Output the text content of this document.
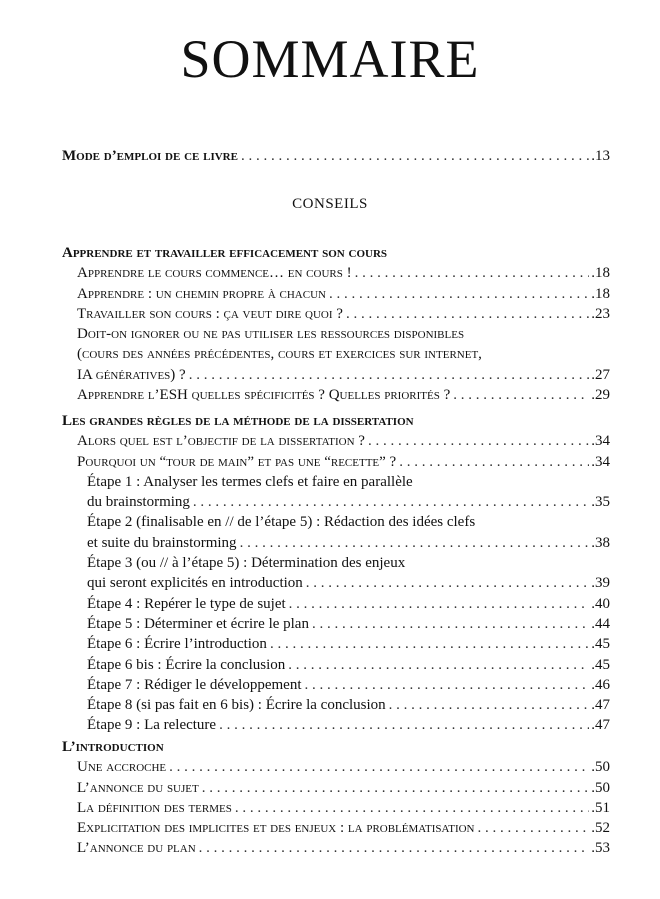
SOMMAIRE
Mode d’emploi de ce livre . . .	.13
CONSEILS
Apprendre et travailler efficacement son cours
Apprendre le cours commence… en cours ! . . .	.18
Apprendre : un chemin propre à chacun . . .	.18
Travailler son cours : ça veut dire quoi ? . . .	.23
Doit-on ignorer ou ne pas utiliser les ressources disponibles
(cours des années précédentes, cours et exercices sur internet,
IA génératives) ? . . .	.27
Apprendre l’ESH quelles spécificités ? Quelles priorités ? . . .	.29
Les grandes règles de la méthode de la dissertation
Alors quel est l’objectif de la dissertation ? . . .	.34
Pourquoi un “tour de main” et pas une “recette” ? . . .	.34
Étape 1 : Analyser les termes clefs et faire en parallèle
du brainstorming . . .	.35
Étape 2 (finalisable en // de l’étape 5) : Rédaction des idées clefs
et suite du brainstorming . . .	.38
Étape 3 (ou // à l’étape 5) : Détermination des enjeux
qui seront explicités en introduction . . .	.39
Étape 4 : Repérer le type de sujet . . .	.40
Étape 5 : Déterminer et écrire le plan . . .	.44
Étape 6 : Écrire l’introduction . . .	.45
Étape 6 bis : Écrire la conclusion . . .	.45
Étape 7 : Rédiger le développement . . .	.46
Étape 8 (si pas fait en 6 bis) : Écrire la conclusion . . .	.47
Étape 9 : La relecture . . .	.47
L’introduction
Une accroche . . .	.50
L’annonce du sujet . . .	.50
La définition des termes . . .	.51
Explicitation des implicites et des enjeux : la problématisation . . .	.52
L’annonce du plan . . .	.53
